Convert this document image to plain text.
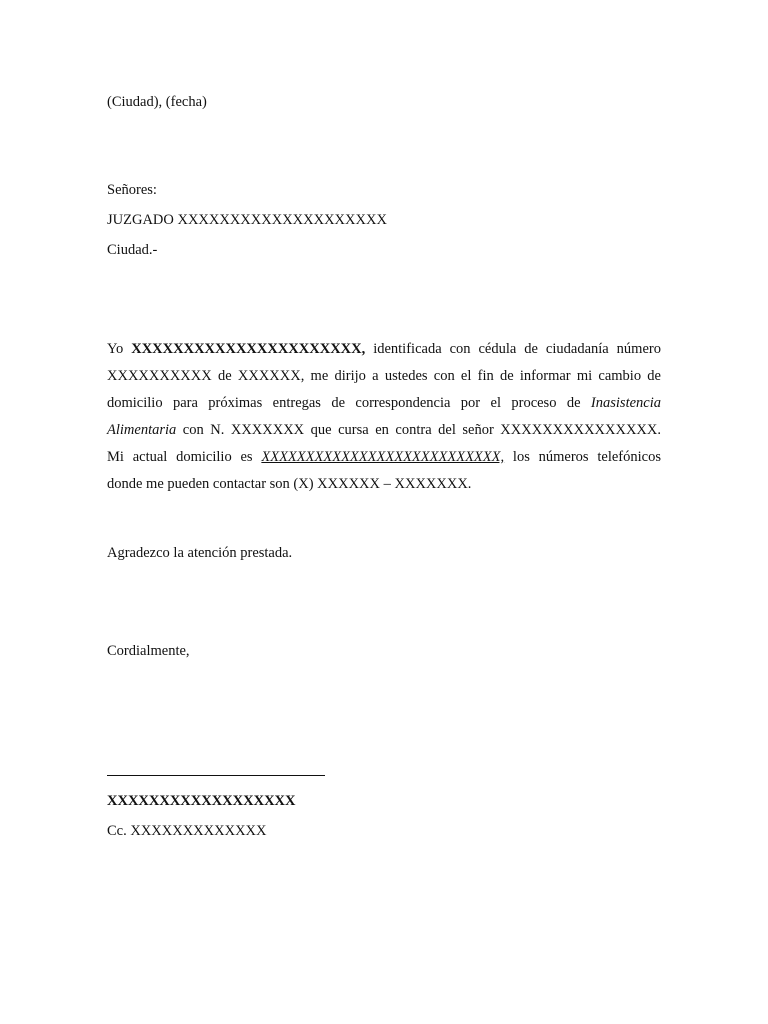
(Ciudad), (fecha)

Señores:

JUZGADO XXXXXXXXXXXXXXXXXXXX

Ciudad.-

Yo XXXXXXXXXXXXXXXXXXXXXX, identificada con cédula de ciudadanía número
XXXXXXXXXX de XXXXXX, me dirijo a ustedes con el fin de informar mi cambio de
domicilio para próximas entregas de correspondencia por el proceso de Inasistencia
Alimentaria con N. XXXXXXX que cursa en contra del señor XXXXXXXXXXXXXXX.
Mi actual domicilio es XXXXXXXXXXXXXXXXXXXXXXXXXXX, los números telefónicos
donde me pueden contactar son (X) XXXXXX – XXXXXXX.

Agradezco la atención prestada.

Cordialmente,

XXXXXXXXXXXXXXXXXX

Cc. XXXXXXXXXXXXX
